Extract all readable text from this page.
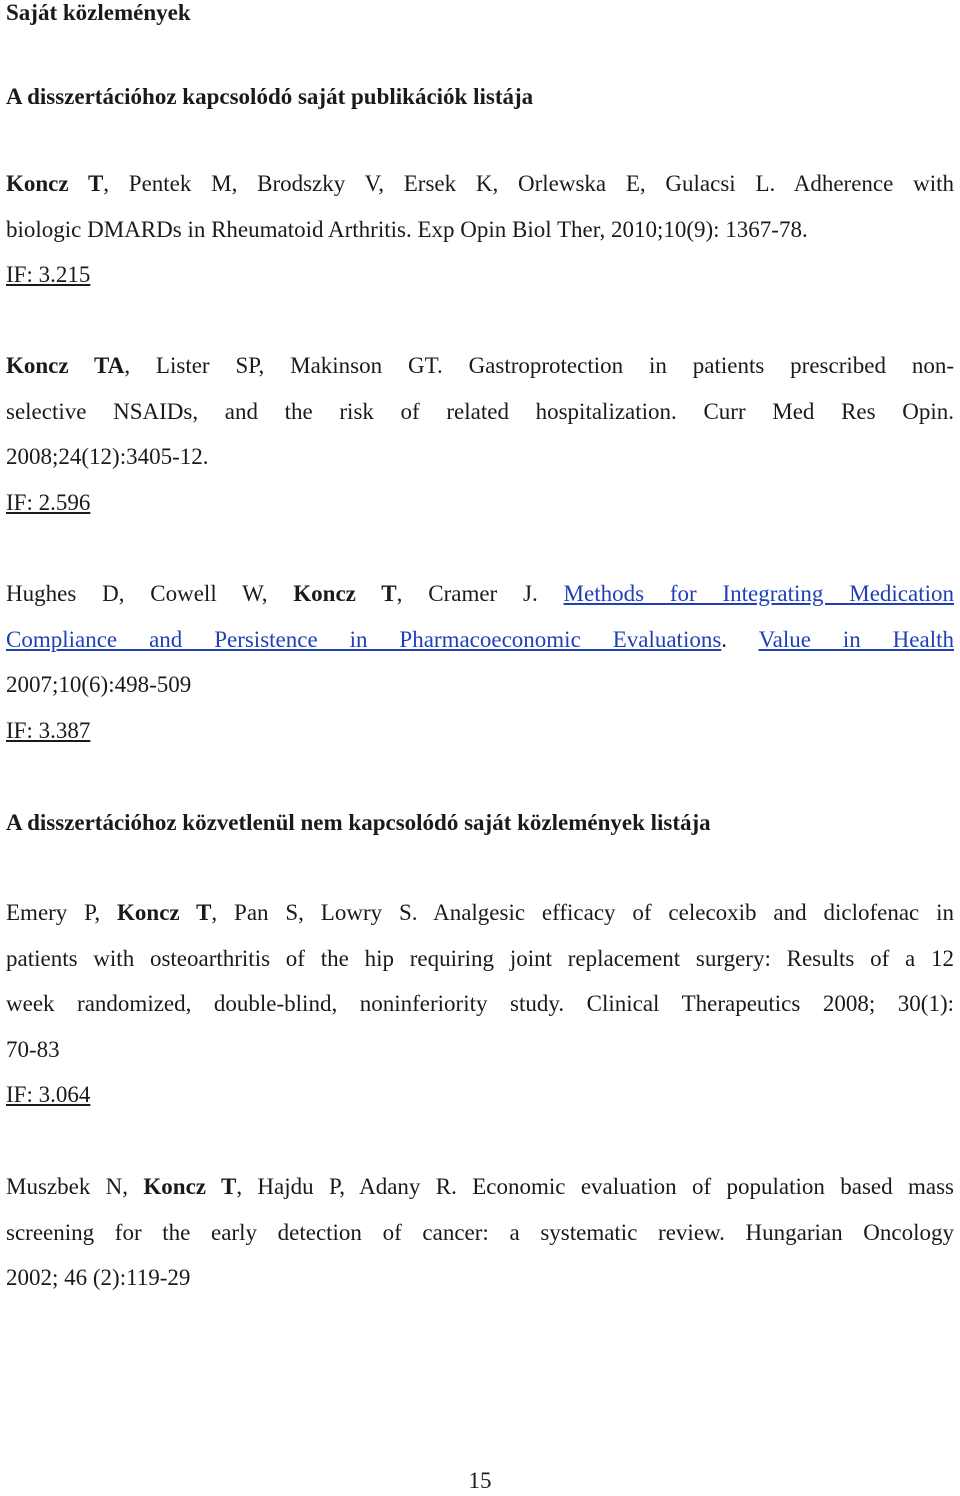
Saját közlemények
A disszertációhoz kapcsolódó saját publikációk listája
Koncz T, Pentek M, Brodszky V, Ersek K, Orlewska E, Gulacsi L. Adherence with
biologic DMARDs in Rheumatoid Arthritis. Exp Opin Biol Ther, 2010;10(9): 1367-78.
IF: 3.215
Koncz TA, Lister SP, Makinson GT. Gastroprotection in patients prescribed non-
selective NSAIDs, and the risk of related hospitalization. Curr Med Res Opin.
2008;24(12):3405-12.
IF: 2.596
Hughes D, Cowell W, Koncz T, Cramer J. Methods for Integrating Medication
Compliance and Persistence in Pharmacoeconomic Evaluations. Value in Health
2007;10(6):498-509
IF: 3.387
A disszertációhoz közvetlenül nem kapcsolódó saját közlemények listája
Emery P, Koncz T, Pan S, Lowry S. Analgesic efficacy of celecoxib and diclofenac in
patients with osteoarthritis of the hip requiring joint replacement surgery: Results of a 12
week randomized, double-blind, noninferiority study. Clinical Therapeutics 2008; 30(1):
70-83
IF: 3.064
Muszbek N, Koncz T, Hajdu P, Adany R. Economic evaluation of population based mass
screening for the early detection of cancer: a systematic review. Hungarian Oncology
2002; 46 (2):119-29
15
